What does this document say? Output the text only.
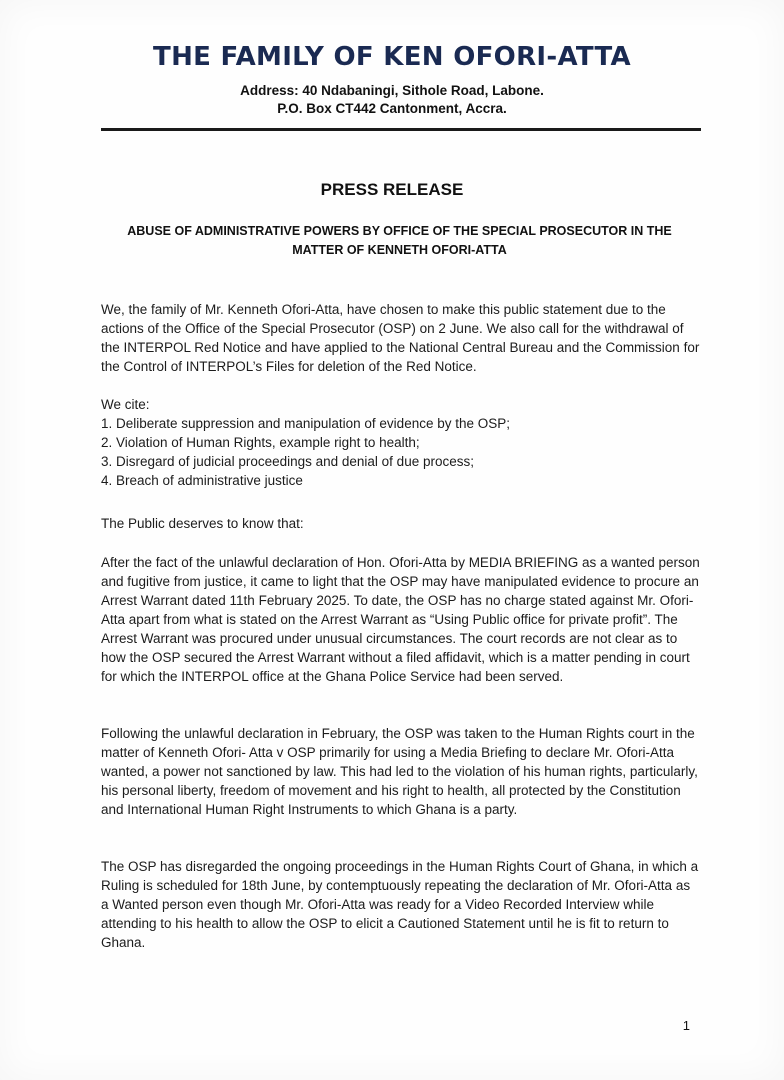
THE FAMILY OF KEN OFORI-ATTA
Address: 40 Ndabaningi, Sithole Road, Labone.
P.O. Box CT442 Cantonment, Accra.
PRESS RELEASE
ABUSE OF ADMINISTRATIVE POWERS BY OFFICE OF THE SPECIAL PROSECUTOR IN THE MATTER OF KENNETH OFORI-ATTA

We, the family of Mr. Kenneth Ofori-Atta, have chosen to make this public statement due to the actions of the Office of the Special Prosecutor (OSP) on 2 June. We also call for the withdrawal of the INTERPOL Red Notice and have applied to the National Central Bureau and the Commission for the Control of INTERPOL’s Files for deletion of the Red Notice.

We cite:

1. Deliberate suppression and manipulation of evidence by the OSP;
2. Violation of Human Rights, example right to health;
3. Disregard of judicial proceedings and denial of due process;
4. Breach of administrative justice

The Public deserves to know that:

After the fact of the unlawful declaration of Hon. Ofori-Atta by MEDIA BRIEFING as a wanted person and fugitive from justice, it came to light that the OSP may have manipulated evidence to procure an Arrest Warrant dated 11th February 2025. To date, the OSP has no charge stated against Mr. Ofori-Atta apart from what is stated on the Arrest Warrant as “Using Public office for private profit”. The Arrest Warrant was procured under unusual circumstances. The court records are not clear as to how the OSP secured the Arrest Warrant without a filed affidavit, which is a matter pending in court for which the INTERPOL office at the Ghana Police Service had been served.

Following the unlawful declaration in February, the OSP was taken to the Human Rights court in the matter of Kenneth Ofori- Atta v OSP primarily for using a Media Briefing to declare Mr. Ofori-Atta wanted, a power not sanctioned by law. This had led to the violation of his human rights, particularly, his personal liberty, freedom of movement and his right to health, all protected by the Constitution and International Human Right Instruments to which Ghana is a party.

The OSP has disregarded the ongoing proceedings in the Human Rights Court of Ghana, in which a Ruling is scheduled for 18th June, by contemptuously repeating the declaration of Mr. Ofori-Atta as a Wanted person even though Mr. Ofori-Atta was ready for a Video Recorded Interview while attending to his health to allow the OSP to elicit a Cautioned Statement until he is fit to return to Ghana.

1
